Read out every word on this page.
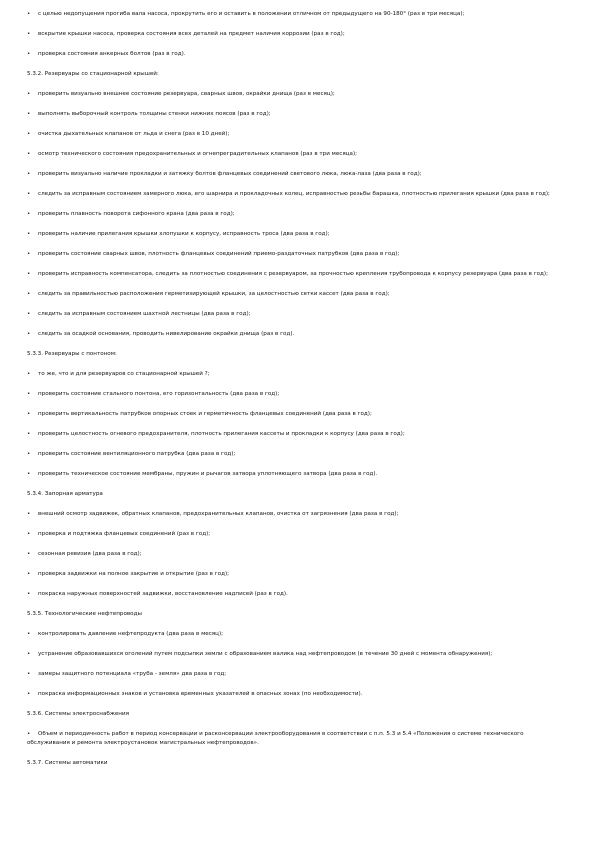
• с целью недопущения прогиба вала насоса, прокрутить его и оставить в положении отличном от предыдущего на 90-180° (раз в три месяца);
• вскрытие крышки насоса, проверка состояния всех деталей на предмет наличия коррозии (раз в год);
• проверка состояния анкерных болтов (раз в год).
5.3.2. Резервуары со стационарной крышей:
• проверить визуально внешнее состояние резервуара, сварных швов, окрайки днища (раз в месяц);
• выполнять выборочный контроль толщины стенки нижних поясов (раз в год);
• очистка дыхательных клапанов от льда и снега (раз в 10 дней);
• осмотр технического состояния предохранительных и огнепреградительных клапанов (раз в три месяца);
• проверить визуально наличие прокладки и затяжку болтов фланцевых соединений светового люка, люка-лаза (два раза в год);
• следить за исправным состоянием замерного люка, его шарнира и прокладочных колец, исправностью резьбы барашка, плотностью прилегания крышки (два раза в год);
• проверить плавность поворота сифонного крана (два раза в год);
• проверить наличие прилегания крышки хлопушки к корпусу, исправность троса (два раза в год);
• проверить состояние сварных швов, плотность фланцевых соединений приемо-раздаточных патрубков (два раза в год);
• проверить исправность компенсатора, следить за плотностью соединения с резервуаром, за прочностью крепления трубопровода к корпусу резервуара (два раза в год);
• следить за правильностью расположения герметизирующей крышки, за целостностью сетки кассет (два раза в год);
• следить за исправным состоянием шахтной лестницы (два раза в год);
• следить за осадкой основания, проводить нивелирование окрайки днища (раз в год).
5.3.3. Резервуары с понтоном:
• то же, что и для резервуаров со стационарной крышей ?;
• проверить состояние стального понтона, его горизонтальность (два раза в год);
• проверить вертикальность патрубков опорных стоек и герметичность фланцевых соединений (два раза в год);
• проверить целостность огневого предохранителя, плотность прилегания кассеты и прокладки к корпусу (два раза в год);
• проверить состояние вентиляционного патрубка (два раза в год);
• проверить техническое состояние мембраны, пружин и рычагов затвора уплотняющего затвора (два раза в год).
5.3.4. Запорная арматура
• внешний осмотр задвижек, обратных клапанов, предохранительных клапанов, очистка от загрязнения (два раза в год);
• проверка и подтяжка фланцевых соединений (раз в год);
• сезонная ревизия (два раза в год);
• проверка задвижки на полное закрытие и открытие (раз в год);
• покраска наружных поверхностей задвижки, восстановление надписей (раз в год).
5.3.5. Технологические нефтепроводы
• контролировать давление нефтепродукта (два раза в месяц);
• устранение образовавшихся оголений путем подсыпки земли с образованием валика над нефтепроводом (в течение 30 дней с момента обнаружения);
• замеры защитного потенциала «труба - земля» два раза в год;
• покраска информационных знаков и установка временных указателей в опасных зонах (по необходимости).
5.3.6. Системы электроснабжения
• Объем и периодичность работ в период консервации и расконсервации электрооборудования в соответствии с п.п. 5.3 и 5.4 «Положения о системе технического обслуживания и ремонта электроустановок магистральных нефтепроводов».
5.3.7. Системы автоматики
